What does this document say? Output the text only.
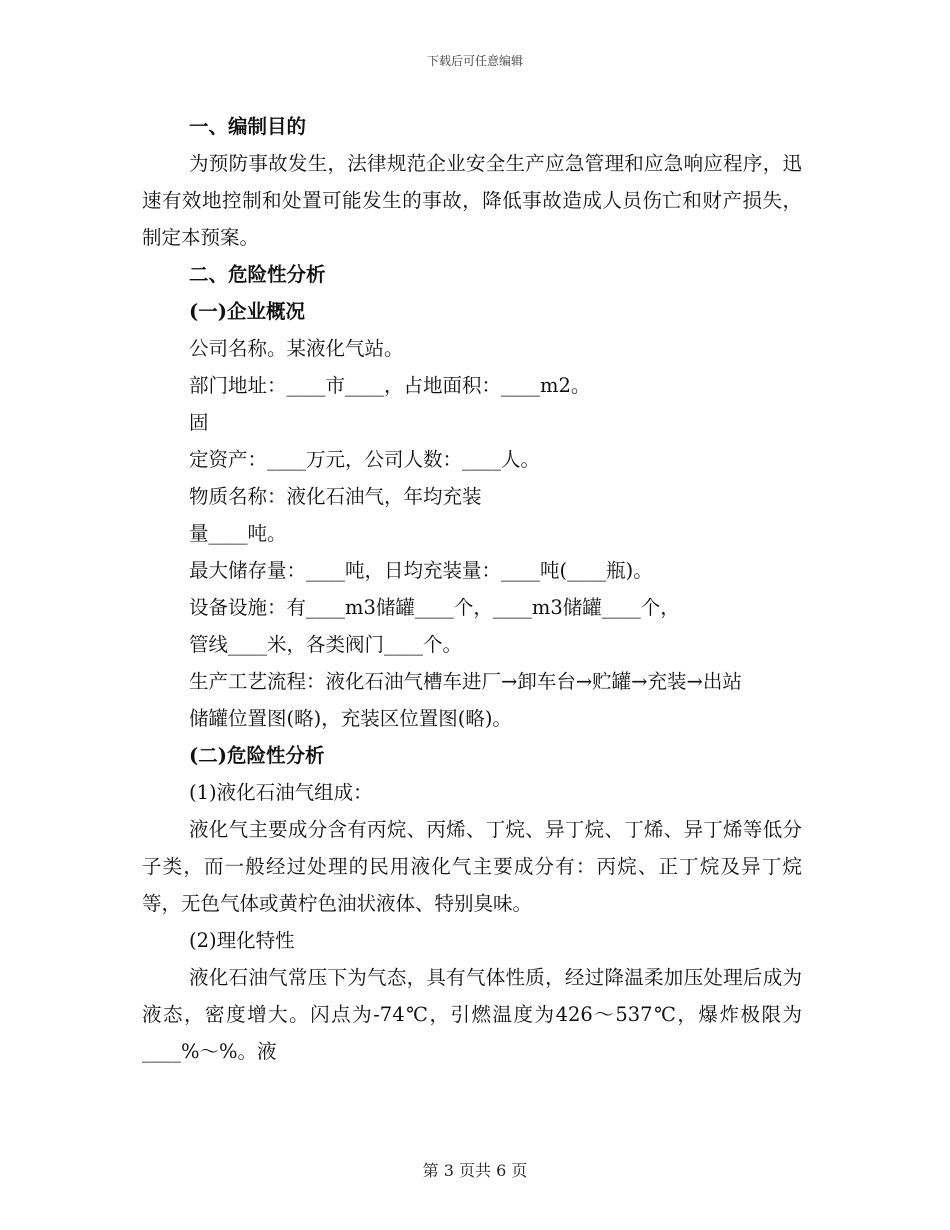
下载后可任意编辑
一、编制目的
为预防事故发生，法律规范企业安全生产应急管理和应急响应程序，迅速有效地控制和处置可能发生的事故，降低事故造成人员伤亡和财产损失，制定本预案。
二、危险性分析
(一)企业概况
公司名称。某液化气站。
部门地址：____市____，占地面积：____m2。
固
定资产：____万元，公司人数：____人。
物质名称：液化石油气，年均充装
量____吨。
最大储存量：____吨，日均充装量：____吨(____瓶)。
设备设施：有____m3储罐____个，____m3储罐____个，
管线____米，各类阀门____个。
生产工艺流程：液化石油气槽车进厂→卸车台→贮罐→充装→出站
储罐位置图(略)，充装区位置图(略)。
(二)危险性分析
(1)液化石油气组成：
液化气主要成分含有丙烷、丙烯、丁烷、异丁烷、丁烯、异丁烯等低分子类，而一般经过处理的民用液化气主要成分有：丙烷、正丁烷及异丁烷等，无色气体或黄柠色油状液体、特别臭味。
(2)理化特性
液化石油气常压下为气态，具有气体性质，经过降温柔加压处理后成为液态，密度增大。闪点为-74℃，引燃温度为426～537℃，爆炸极限为____%～%。液
第 3 页共 6 页
